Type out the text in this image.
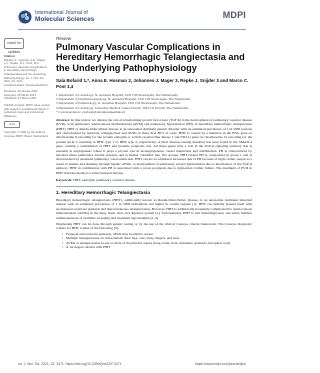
International Journal of
Molecular Sciences	MDPI
check for updates
Citation:
Bofarid, S.; Hosman, A.E.; Mager, J.J.; Snijder, R.J.; Post, M.C. Pulmonary Vascular Complications in Hereditary Hemorrhagic Telangiectasia and the Underlying Pathophysiology. Int. J. Mol. Sci. 2021, 22, 3471.
Academic Editor: Alessandra Bosco
Received: 4 February 2021
Accepted: 25 March 2021
Published: 27 March 2021
Publisher's Note: MDPI stays neutral with regard to jurisdictional claims in published maps and institutional affiliations.
cc by
Copyright: © 2021 by the authors. Licensee MDPI, Basel, Switzerland.
Review
Pulmonary Vascular Complications in Hereditary Hemorrhagic Telangiectasia and the Underlying Pathophysiology
Sala Bofarid 1,*, Anna E. Hosman 2, Johannes J. Mager 3, Repke J. Snijder 3 and Marco C. Post 1,4
1 Department of Cardiology, St. Antonius Hospital, 3435 CM Nieuwegein, The Netherlands;
2 Department of Otorhinolaryngology, St. Antonius Hospital, 3435 CM Nieuwegein, The Netherlands
3 Department of Pulmonology, St. Antonius Hospital, 3435 CM Nieuwegein, The Netherlands
4 Department of Cardiology, University Medical Center Utrecht, 3584 CX Utrecht, The Netherlands
* Correspondence: s.bofarid@antoniusziekenhuis.nl
Abstract: In this review, we discuss the role of transforming growth factor-beta (TGF-β) in the development of pulmonary vascular disease (PVD), both pulmonary arteriovenous malformations (AVM) and pulmonary hypertension (PH), in hereditary hemorrhagic telangiectasia (HHT). HHT or Rendu-Osler-Weber disease is an autosomal dominant genetic disorder with an estimated prevalence of 1 in 5000 persons and characterized by epistaxis, telangiectasia and AVMs in more than 80% of cases. HHT is caused by a mutation in the ENG gene on chromosome 9 encoding for the protein endoglin or activin receptor-like kinase 1 (ACVRL1) gene on chromosome 12 encoding for the protein ALK-1, resulting in HHT type 1 or HHT type 2, respectively. A third disease-causing mutation has been found in the SMAD-4 gene, causing a combination of HHT and juvenile polyposis coli. All these genes play a role in the TGF-β signaling pathway that is essential in angiogenesis where it plays a pivotal role in neoangiogenesis, vessel maturation and stabilization. PH is characterized by elevated mean pulmonary arterial pressure and is further classified into five groups. HHT-related PH is categorized in group 1 and is characterized by sustained pulmonary vasoconstriction. HHT carries an additional increased risk of PH because of high cardiac output as a result of anemia and shunting through hepatic AVMs, or development of pulmonary arterial hypertension due to interference of the TGF-β pathway. HHT in combination with PH is associated with a worse prognosis due to right-sided cardiac failure. The treatment of PVD in HHT includes medical or interventional therapy.
Keywords: HHT; endoglin; pulmonary vascular disease
1. Hereditary Hemorrhagic Telangiectasia
Hereditary hemorrhagic telangiectasia (HHT), additionally known as Rendu-Osler-Weber disease, is an autosomal dominant inherited disease with an estimated prevalence of 1 in 5000 individuals and higher in certain regions [1]. HHT can initially present itself with spontaneous recurrent epistaxis and mucocutaneous telangiectasias. However, HHT is additionally frequently complicated by arteriovenous malformations (AVMs) in the lung, brain, liver and digestive system [2]. Unfortunately, HHT is still underdiagnosed, and entire families remain unaware of available screening and treatment opportunities [2–4].
Diagnosing HHT can be done through genetic testing or by the use of the clinical Curaçao criteria framework. The Curaçao diagnostic criteria for HHT consist of the following [3]:
• Frequent and recurrent epistaxis, which may be mild to severe
• Multiple telangiectasias on characteristic sites: lips, oral cavity, fingers, and nose
• AVMs or telangiectasias in one or more of the internal organs (lung, brain, liver, intestines, stomach, and spinal cord)
• A 1st-degree relative with HHT
Int. J. Mol. Sci. 2021, 22, 3471. https://doi.org/10.3390/ijms22073471	https://www.mdpi.com/journal/ijms
